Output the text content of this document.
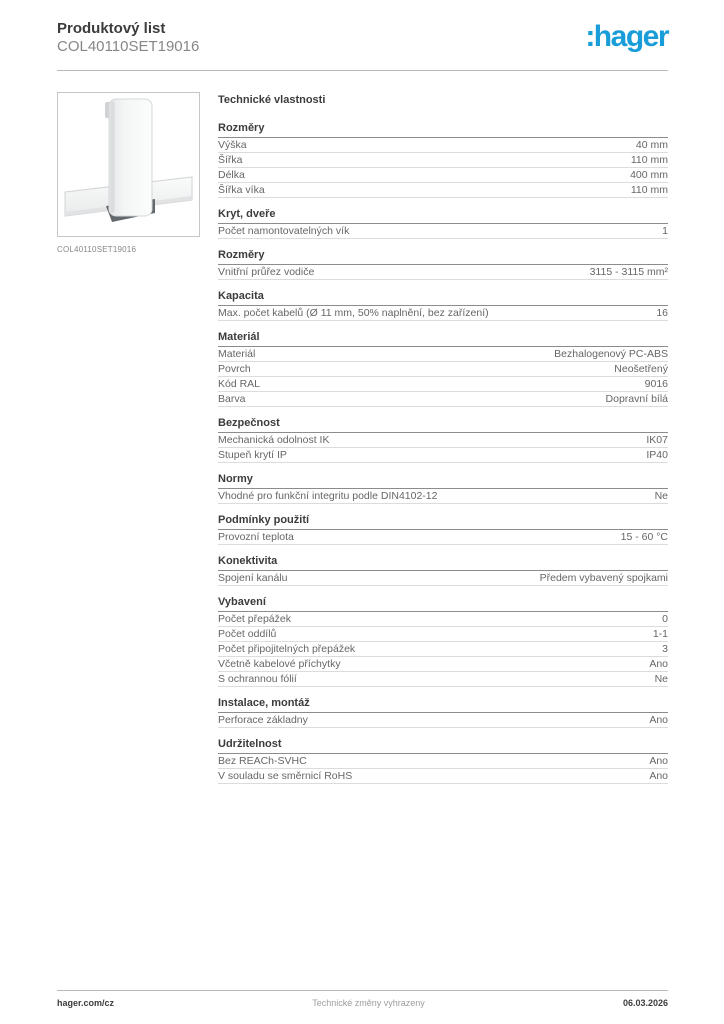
Produktový list
COL40110SET19016	:hager
COL40110SET19016
Technické vlastnosti
Rozměry
Výška	40 mm
Šířka	110 mm
Délka	400 mm
Šířka víka	110 mm
Kryt, dveře
Počet namontovatelných vík	1
Rozměry
Vnitřní průřez vodiče	3115 - 3115 mm²
Kapacita
Max. počet kabelů (Ø 11 mm, 50% naplnění, bez zařízení)	16
Materiál
Materiál	Bezhalogenový PC-ABS
Povrch	Neošetřený
Kód RAL	9016
Barva	Dopravní bílá
Bezpečnost
Mechanická odolnost IK	IK07
Stupeň krytí IP	IP40
Normy
Vhodné pro funkční integritu podle DIN4102-12	Ne
Podmínky použití
Provozní teplota	15 - 60 °C
Konektivita
Spojení kanálu	Předem vybavený spojkami
Vybavení
Počet přepážek	0
Počet oddílů	1-1
Počet připojitelných přepážek	3
Včetně kabelové příchytky	Ano
S ochrannou fólií	Ne
Instalace, montáž
Perforace základny	Ano
Udržitelnost
Bez REACh-SVHC	Ano
V souladu se směrnicí RoHS	Ano
hager.com/cz	Technické změny vyhrazeny	06.03.2026
